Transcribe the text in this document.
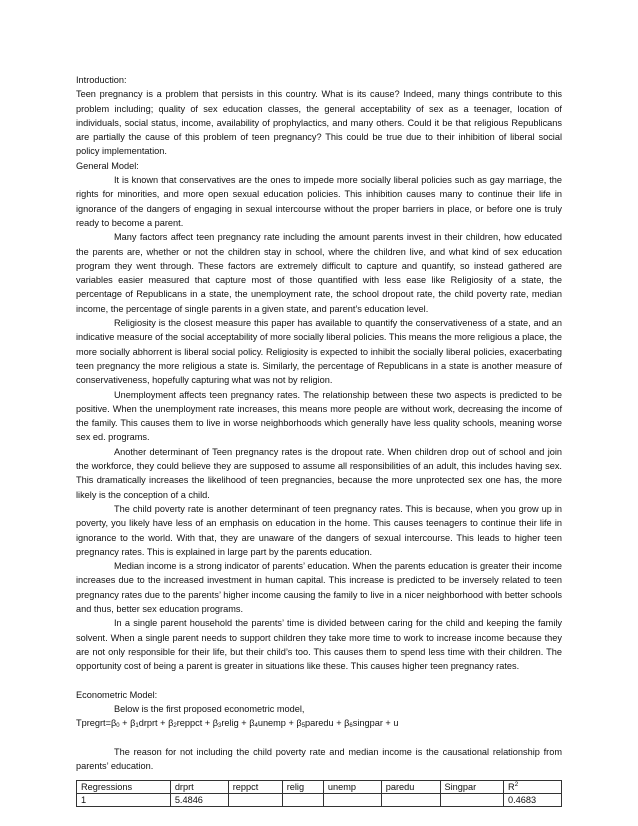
Introduction:

Teen pregnancy is a problem that persists in this country. What is its cause? Indeed, many things contribute to this problem including; quality of sex education classes, the general acceptability of sex as a teenager, location of individuals, social status, income, availability of prophylactics, and many others. Could it be that religious Republicans are partially the cause of this problem of teen pregnancy? This could be true due to their inhibition of liberal social policy implementation.

General Model:

It is known that conservatives are the ones to impede more socially liberal policies such as gay marriage, the rights for minorities, and more open sexual education policies. This inhibition causes many to continue their life in ignorance of the dangers of engaging in sexual intercourse without the proper barriers in place, or before one is truly ready to become a parent.

Many factors affect teen pregnancy rate including the amount parents invest in their children, how educated the parents are, whether or not the children stay in school, where the children live, and what kind of sex education program they went through. These factors are extremely difficult to capture and quantify, so instead gathered are variables easier measured that capture most of those quantified with less ease like Religiosity of a state, the percentage of Republicans in a state, the unemployment rate, the school dropout rate, the child poverty rate, median income, the percentage of single parents in a given state, and parent’s education level.

Religiosity is the closest measure this paper has available to quantify the conservativeness of a state, and an indicative measure of the social acceptability of more socially liberal policies. This means the more religious a place, the more socially abhorrent is liberal social policy. Religiosity is expected to inhibit the socially liberal policies, exacerbating teen pregnancy the more religious a state is. Similarly, the percentage of Republicans in a state is another measure of conservativeness, hopefully capturing what was not by religion.

Unemployment affects teen pregnancy rates. The relationship between these two aspects is predicted to be positive. When the unemployment rate increases, this means more people are without work, decreasing the income of the family. This causes them to live in worse neighborhoods which generally have less quality schools, meaning worse sex ed. programs.

Another determinant of Teen pregnancy rates is the dropout rate. When children drop out of school and join the workforce, they could believe they are supposed to assume all responsibilities of an adult, this includes having sex. This dramatically increases the likelihood of teen pregnancies, because the more unprotected sex one has, the more likely is the conception of a child.

The child poverty rate is another determinant of teen pregnancy rates. This is because, when you grow up in poverty, you likely have less of an emphasis on education in the home. This causes teenagers to continue their life in ignorance to the world. With that, they are unaware of the dangers of sexual intercourse. This leads to higher teen pregnancy rates. This is explained in large part by the parents education.

Median income is a strong indicator of parents’ education. When the parents education is greater their income increases due to the increased investment in human capital. This increase is predicted to be inversely related to teen pregnancy rates due to the parents’ higher income causing the family to live in a nicer neighborhood with better schools and thus, better sex education programs.

In a single parent household the parents’ time is divided between caring for the child and keeping the family solvent. When a single parent needs to support children they take more time to work to increase income because they are not only responsible for their life, but their child’s too. This causes them to spend less time with their children. The opportunity cost of being a parent is greater in situations like these. This causes higher teen pregnancy rates.

Econometric Model:

Below is the first proposed econometric model,

$Tpregrt=\beta_0$ + $\beta_1drprt$ + $\beta_2reppct$ + $\beta_3relig$ + $\beta_4unemp$ + $\beta_5paredu$ + $\beta_6singpar + u$

The reason for not including the child poverty rate and median income is the causational relationship from parents’ education.

Regressions	drprt	reppct	relig	unemp	paredu	Singpar	$R^2$
1	5.4846						0.4683
